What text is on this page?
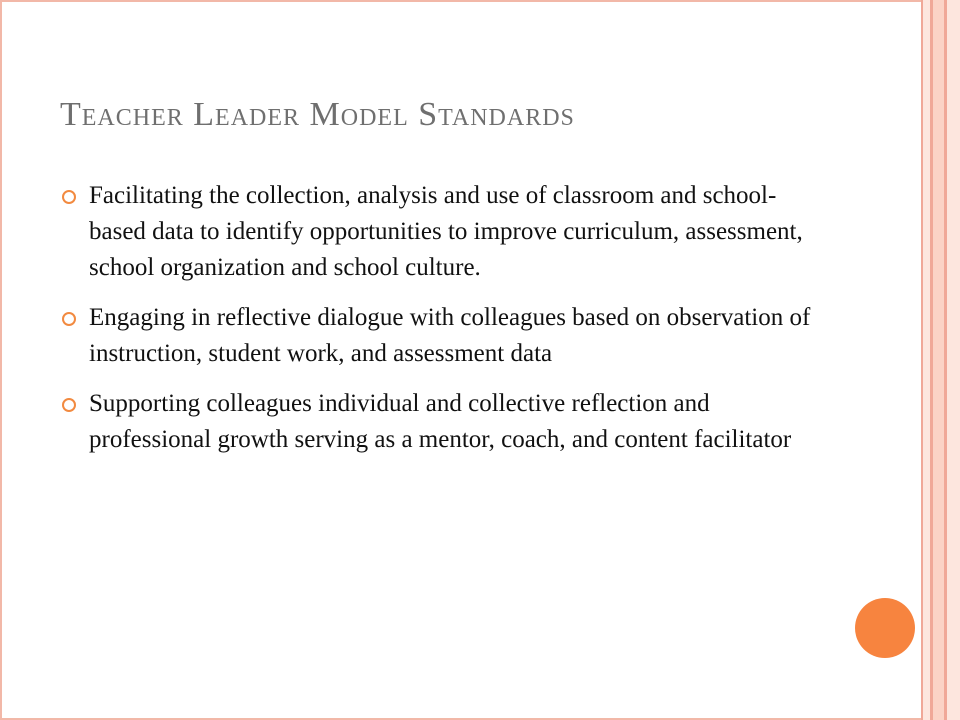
Teacher Leader Model Standards
Facilitating the collection, analysis and use of classroom and school-based data to identify opportunities to improve curriculum, assessment, school organization and school culture.
Engaging in reflective dialogue with colleagues based on observation of instruction, student work, and assessment data
Supporting colleagues individual and collective reflection and professional growth serving as a mentor, coach, and content facilitator
